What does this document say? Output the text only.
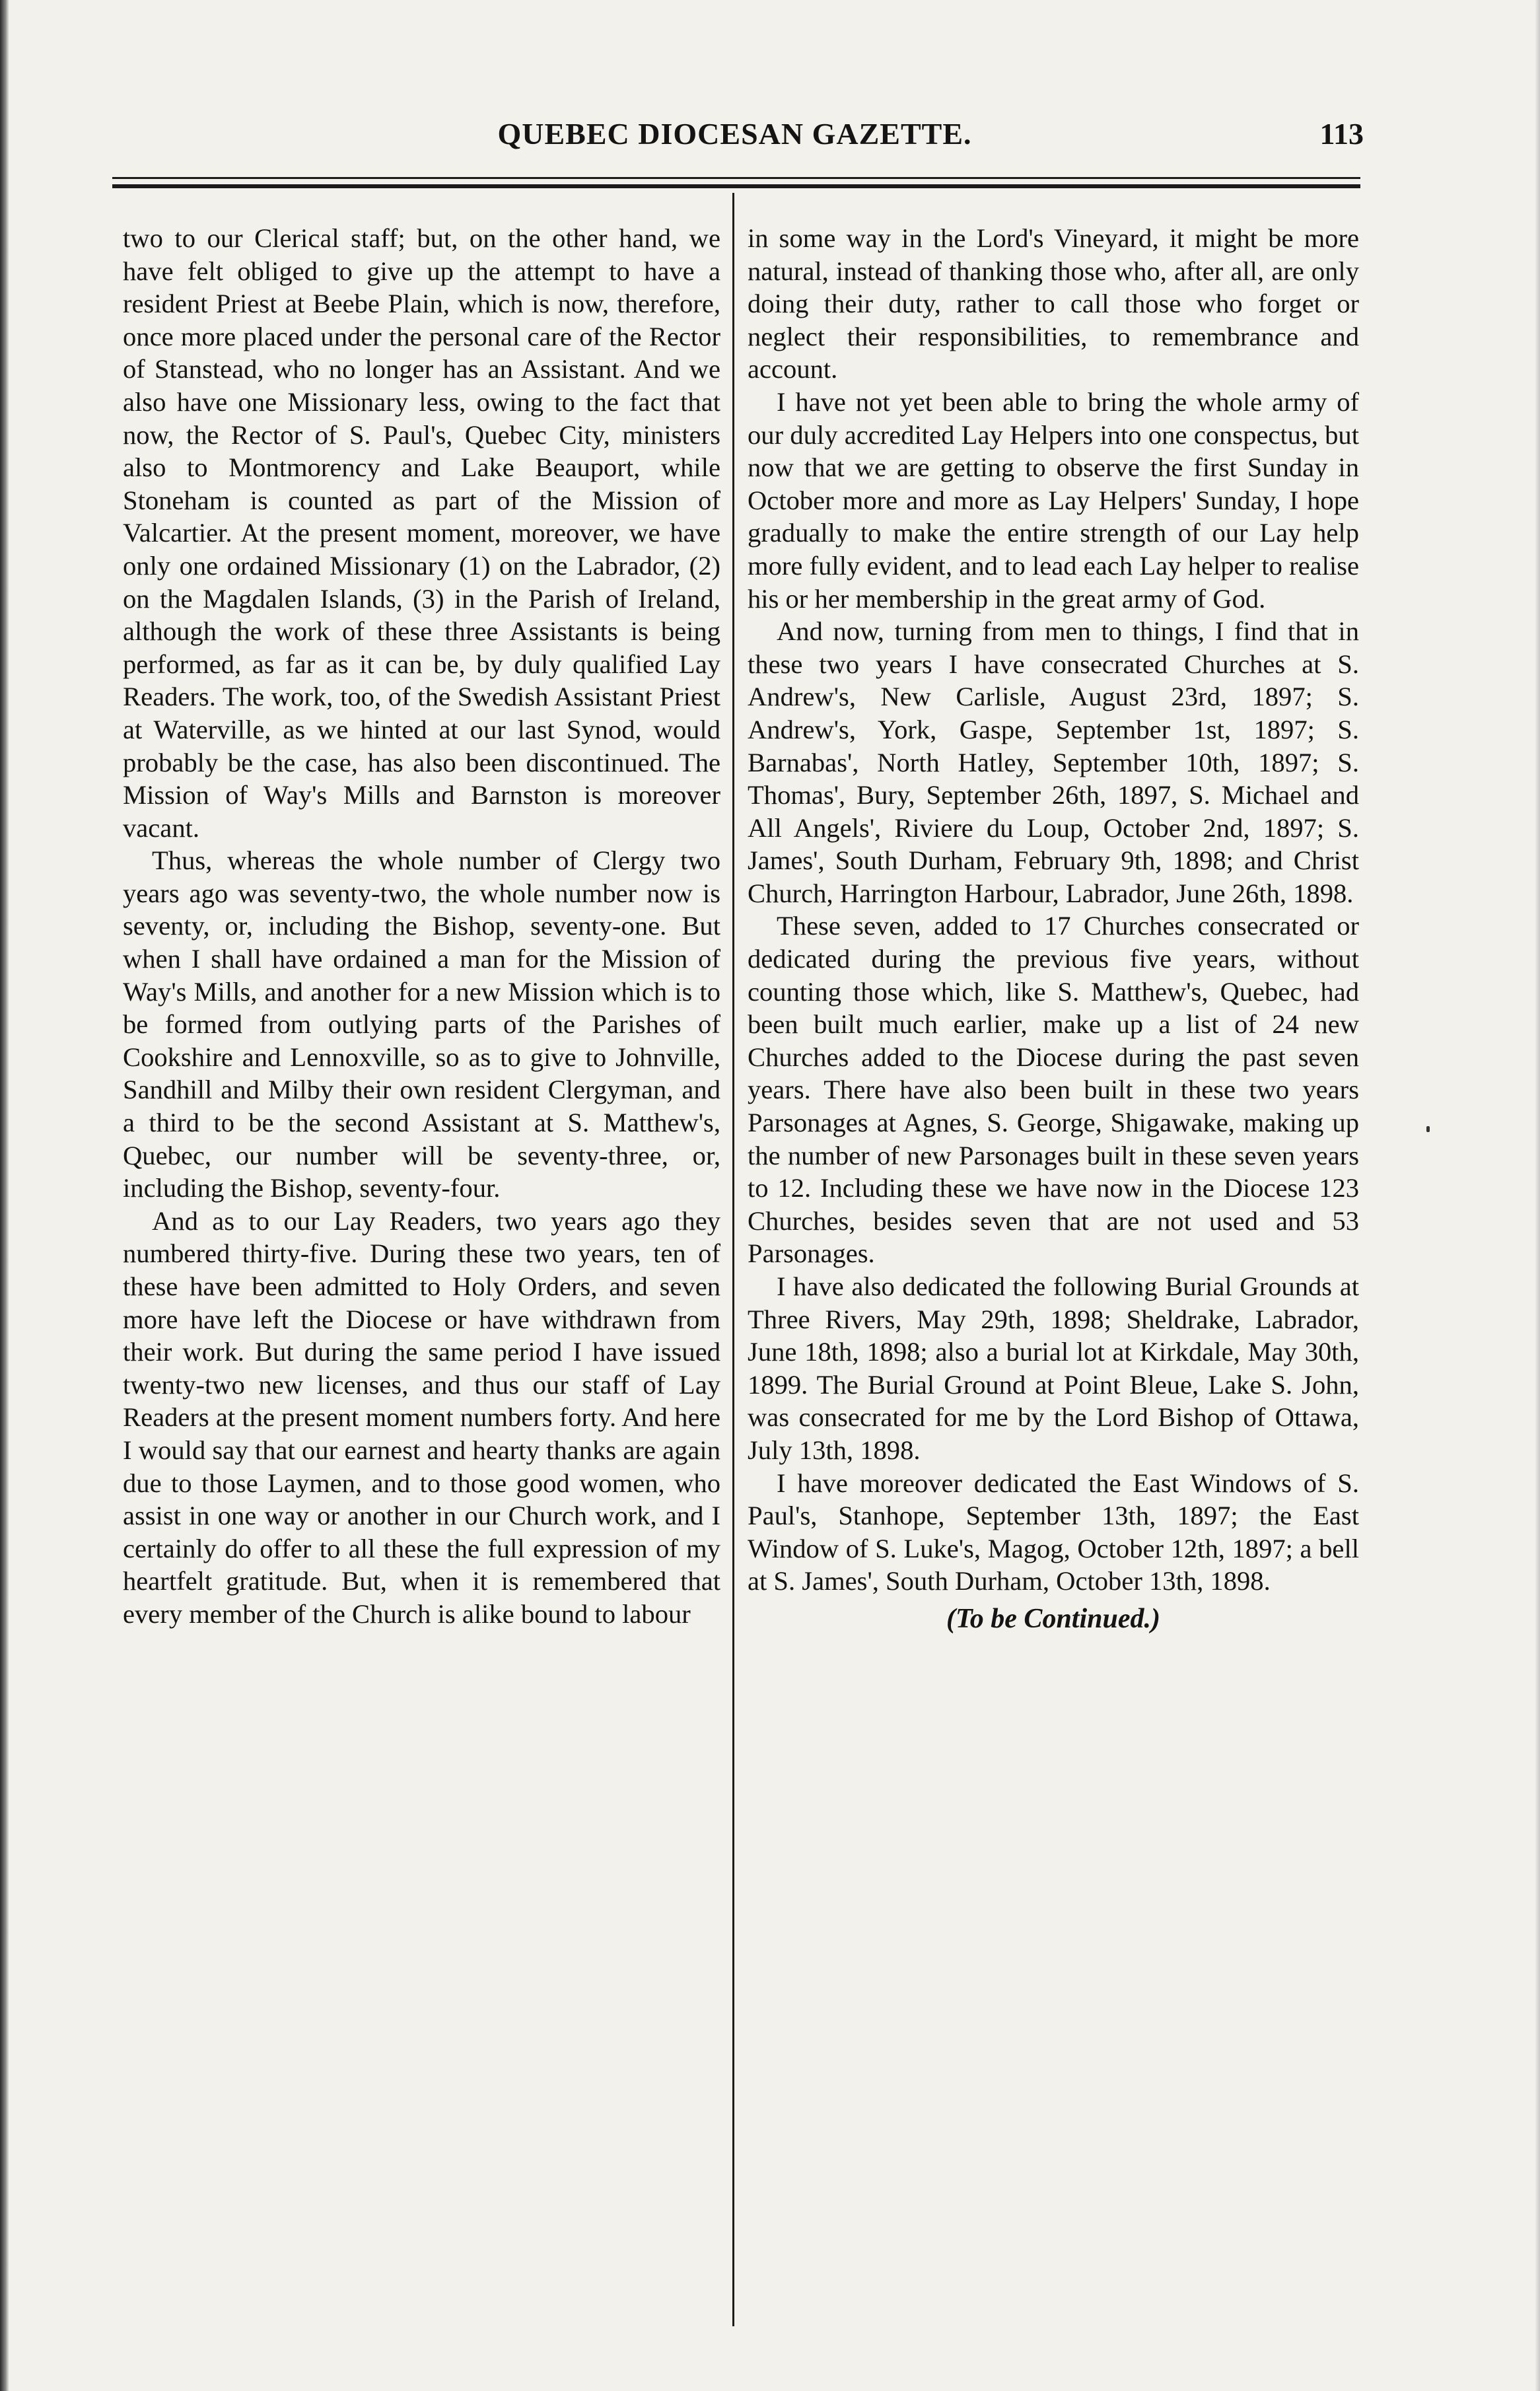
QUEBEC DIOCESAN GAZETTE.	113

two to our Clerical staff; but, on the other hand, we have felt obliged to give up the attempt to have a resident Priest at Beebe Plain, which is now, therefore, once more placed under the personal care of the Rector of Stanstead, who no longer has an Assistant. And we also have one Missionary less, owing to the fact that now, the Rector of S. Paul's, Quebec City, ministers also to Montmorency and Lake Beauport, while Stoneham is counted as part of the Mission of Valcartier. At the present moment, moreover, we have only one ordained Missionary (1) on the Labrador, (2) on the Magdalen Islands, (3) in the Parish of Ireland, although the work of these three Assistants is being performed, as far as it can be, by duly qualified Lay Readers. The work, too, of the Swedish Assistant Priest at Waterville, as we hinted at our last Synod, would probably be the case, has also been discontinued. The Mission of Way's Mills and Barnston is moreover vacant.

Thus, whereas the whole number of Clergy two years ago was seventy-two, the whole number now is seventy, or, including the Bishop, seventy-one. But when I shall have ordained a man for the Mission of Way's Mills, and another for a new Mission which is to be formed from outlying parts of the Parishes of Cookshire and Lennoxville, so as to give to Johnville, Sandhill and Milby their own resident Clergyman, and a third to be the second Assistant at S. Matthew's, Quebec, our number will be seventy-three, or, including the Bishop, seventy-four.

And as to our Lay Readers, two years ago they numbered thirty-five. During these two years, ten of these have been admitted to Holy Orders, and seven more have left the Diocese or have withdrawn from their work. But during the same period I have issued twenty-two new licenses, and thus our staff of Lay Readers at the present moment numbers forty. And here I would say that our earnest and hearty thanks are again due to those Laymen, and to those good women, who assist in one way or another in our Church work, and I certainly do offer to all these the full expression of my heartfelt gratitude. But, when it is remembered that every member of the Church is alike bound to labour

in some way in the Lord's Vineyard, it might be more natural, instead of thanking those who, after all, are only doing their duty, rather to call those who forget or neglect their responsibilities, to remembrance and account.

I have not yet been able to bring the whole army of our duly accredited Lay Helpers into one conspectus, but now that we are getting to observe the first Sunday in October more and more as Lay Helpers' Sunday, I hope gradually to make the entire strength of our Lay help more fully evident, and to lead each Lay helper to realise his or her membership in the great army of God.

And now, turning from men to things, I find that in these two years I have consecrated Churches at S. Andrew's, New Carlisle, August 23rd, 1897; S. Andrew's, York, Gaspe, September 1st, 1897; S. Barnabas', North Hatley, September 10th, 1897; S. Thomas', Bury, September 26th, 1897, S. Michael and All Angels', Riviere du Loup, October 2nd, 1897; S. James', South Durham, February 9th, 1898; and Christ Church, Harrington Harbour, Labrador, June 26th, 1898.

These seven, added to 17 Churches consecrated or dedicated during the previous five years, without counting those which, like S. Matthew's, Quebec, had been built much earlier, make up a list of 24 new Churches added to the Diocese during the past seven years. There have also been built in these two years Parsonages at Agnes, S. George, Shigawake, making up the number of new Parsonages built in these seven years to 12. Including these we have now in the Diocese 123 Churches, besides seven that are not used and 53 Parsonages.

I have also dedicated the following Burial Grounds at Three Rivers, May 29th, 1898; Sheldrake, Labrador, June 18th, 1898; also a burial lot at Kirkdale, May 30th, 1899. The Burial Ground at Point Bleue, Lake S. John, was consecrated for me by the Lord Bishop of Ottawa, July 13th, 1898.

I have moreover dedicated the East Windows of S. Paul's, Stanhope, September 13th, 1897; the East Window of S. Luke's, Magog, October 12th, 1897; a bell at S. James', South Durham, October 13th, 1898.

(To be Continued.)
